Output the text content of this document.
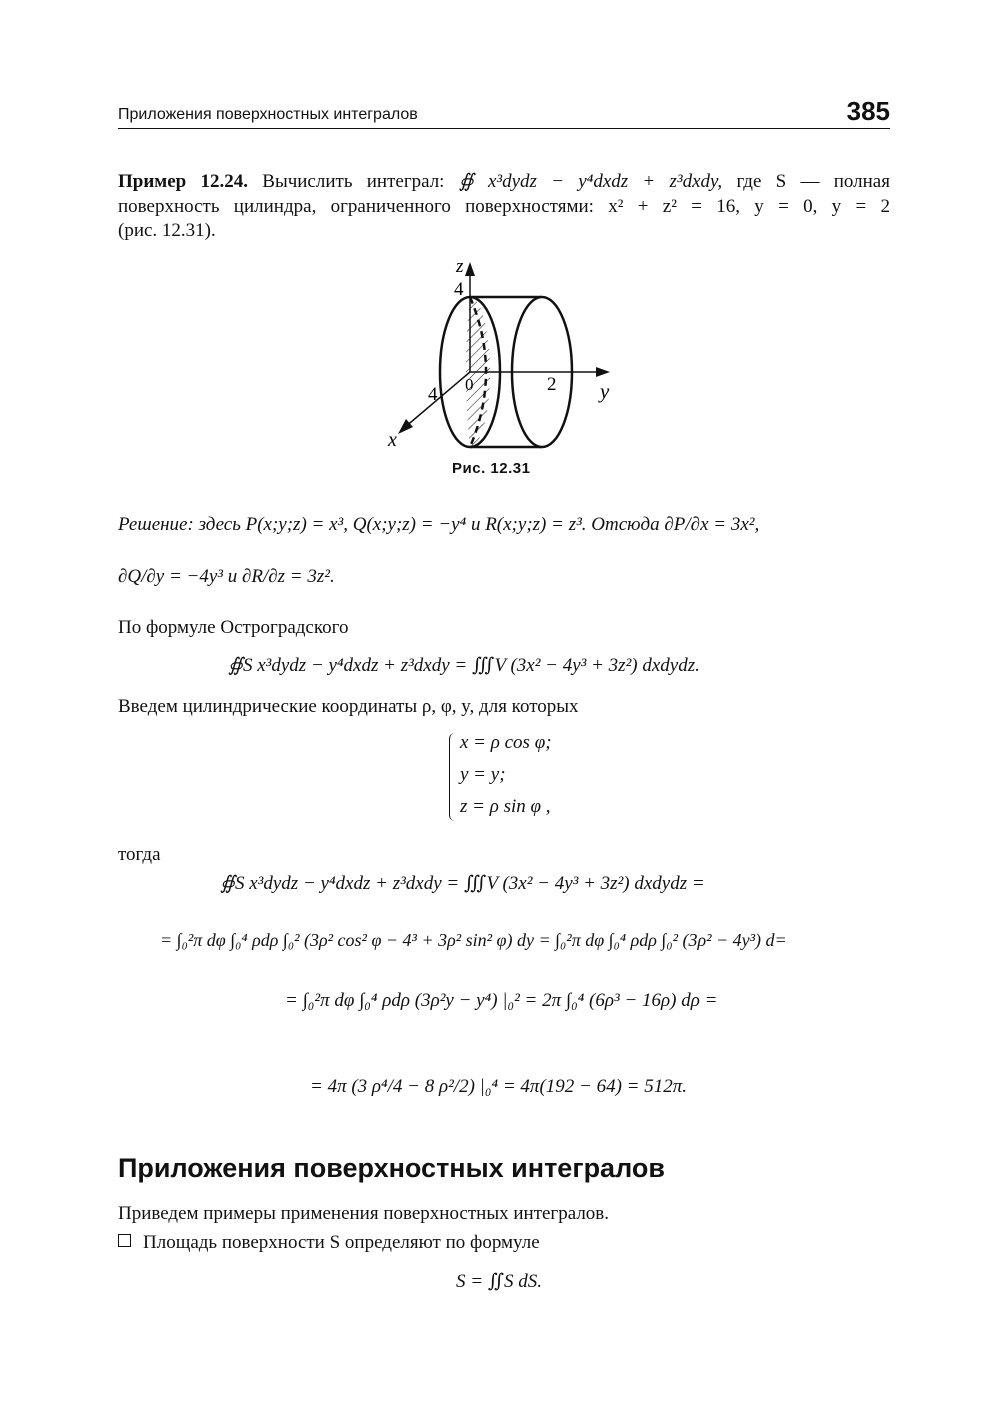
Приложения поверхностных интегралов	385
Пример 12.24. Вычислить интеграл: ∯ x³dydz − y⁴dxdz + z³dxdy, где S — полная
поверхность цилиндра, ограниченного поверхностями: x² + z² = 16, y = 0, y = 2
(рис. 12.31).
z
4
y
2
4 0
x
Рис. 12.31
Решение: здесь P(x;y;z) = x³, Q(x;y;z) = −y⁴ и R(x;y;z) = z³. Отсюда ∂P/∂x = 3x²,
∂Q/∂y = −4y³ и ∂R/∂z = 3z².
По формуле Остроградского
∯S x³dydz − y⁴dxdz + z³dxdy = ∭V (3x² − 4y³ + 3z²) dxdydz.
Введем цилиндрические координаты ρ, φ, y, для которых
x = ρ cos φ;
y = y;
z = ρ sin φ ,
тогда
∯S x³dydz − y⁴dxdz + z³dxdy = ∭V (3x² − 4y³ + 3z²) dxdydz =
= ∫₀²π dφ ∫₀⁴ ρdρ ∫₀² (3ρ² cos² φ − 4³ + 3ρ² sin² φ) dy = ∫₀²π dφ ∫₀⁴ ρdρ ∫₀² (3ρ² − 4y³) d=
= ∫₀²π dφ ∫₀⁴ ρdρ (3ρ²y − y⁴) |₀² = 2π ∫₀⁴ (6ρ³ − 16ρ) dρ =
= 4π (3 ρ⁴/4 − 8 ρ²/2) |₀⁴ = 4π(192 − 64) = 512π.
Приложения поверхностных интегралов
Приведем примеры применения поверхностных интегралов.
Площадь поверхности S определяют по формуле
S = ∬S dS.
